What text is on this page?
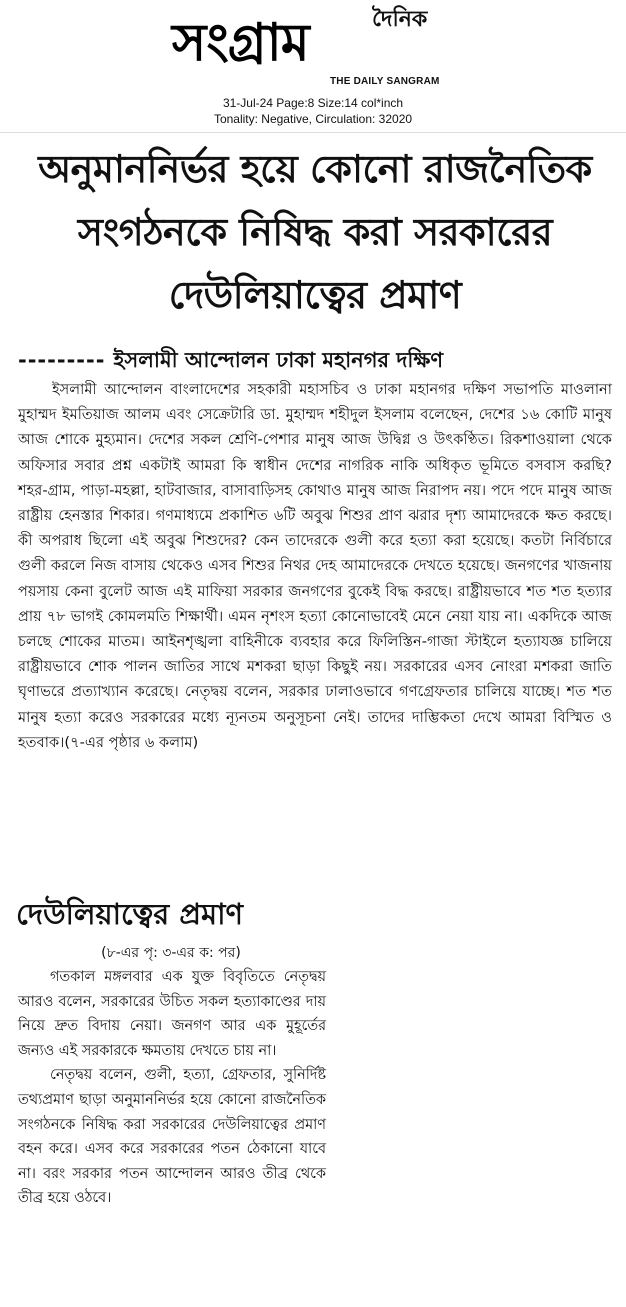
দৈনিক
সংগ্রাম
THE DAILY SANGRAM
31-Jul-24 Page:8 Size:14 col*inch
Tonality: Negative, Circulation: 32020
অনুমাননির্ভর হয়ে কোনো রাজনৈতিক সংগঠনকে নিষিদ্ধ করা সরকারের দেউলিয়াত্বের প্রমাণ
--------- ইসলামী আন্দোলন ঢাকা মহানগর দক্ষিণ

ইসলামী আন্দোলন বাংলাদেশের সহকারী মহাসচিব ও ঢাকা মহানগর দক্ষিণ সভাপতি মাওলানা মুহাম্মদ ইমতিয়াজ আলম এবং সেক্রেটারি ডা. মুহাম্মদ শহীদুল ইসলাম বলেছেন, দেশের ১৬ কোটি মানুষ আজ শোকে মুহ্যমান। দেশের সকল শ্রেণি-পেশার মানুষ আজ উদ্বিগ্ন ও উৎকণ্ঠিত। রিকশাওয়ালা থেকে অফিসার সবার প্রশ্ন একটাই আমরা কি স্বাধীন দেশের নাগরিক নাকি অধিকৃত ভূমিতে বসবাস করছি? শহর-গ্রাম, পাড়া-মহল্লা, হাটবাজার, বাসাবাড়িসহ কোথাও মানুষ আজ নিরাপদ নয়। পদে পদে মানুষ আজ রাষ্ট্রীয় হেনস্তার শিকার। গণমাধ্যমে প্রকাশিত ৬টি অবুঝ শিশুর প্রাণ ঝরার দৃশ্য আমাদেরকে ক্ষত করছে। কী অপরাধ ছিলো এই অবুঝ শিশুদের? কেন তাদেরকে গুলী করে হত্যা করা হয়েছে। কতটা নির্বিচারে গুলী করলে নিজ বাসায় থেকেও এসব শিশুর নিথর দেহ আমাদেরকে দেখতে হয়েছে। জনগণের খাজনায় পয়সায় কেনা বুলেট আজ এই মাফিয়া সরকার জনগণের বুকেই বিদ্ধ করছে। রাষ্ট্রীয়ভাবে শত শত হত্যার প্রায় ৭৮ ভাগই কোমলমতি শিক্ষার্থী। এমন নৃশংস হত্যা কোনোভাবেই মেনে নেয়া যায় না। একদিকে আজ চলছে শোকের মাতম। আইনশৃঙ্খলা বাহিনীকে ব্যবহার করে ফিলিস্তিন-গাজা স্টাইলে হত্যাযজ্ঞ চালিয়ে রাষ্ট্রীয়ভাবে শোক পালন জাতির সাথে মশকরা ছাড়া কিছুই নয়। সরকারের এসব নোংরা মশকরা জাতি ঘৃণাভরে প্রত্যাখ্যান করেছে। নেতৃদ্বয় বলেন, সরকার ঢালাওভাবে গণগ্রেফতার চালিয়ে যাচ্ছে। শত শত মানুষ হত্যা করেও সরকারের মধ্যে ন্যূনতম অনুসূচনা নেই। তাদের দাম্ভিকতা দেখে আমরা বিস্মিত ও হতবাক।(৭-এর পৃষ্ঠার ৬ কলাম)

দেউলিয়াত্বের প্রমাণ
(৮-এর পৃ: ৩-এর ক: পর)

গতকাল মঙ্গলবার এক যুক্ত বিবৃতিতে নেতৃদ্বয় আরও বলেন, সরকারের উচিত সকল হত্যাকাণ্ডের দায় নিয়ে দ্রুত বিদায় নেয়া। জনগণ আর এক মুহূর্তের জন্যও এই সরকারকে ক্ষমতায় দেখতে চায় না।

নেতৃদ্বয় বলেন, গুলী, হত্যা, গ্রেফতার, সুনির্দিষ্ট তথ্যপ্রমাণ ছাড়া অনুমাননির্ভর হয়ে কোনো রাজনৈতিক সংগঠনকে নিষিদ্ধ করা সরকারের দেউলিয়াত্বের প্রমাণ বহন করে। এসব করে সরকারের পতন ঠেকানো যাবে না। বরং সরকার পতন আন্দোলন আরও তীব্র থেকে তীব্র হয়ে ওঠবে।
